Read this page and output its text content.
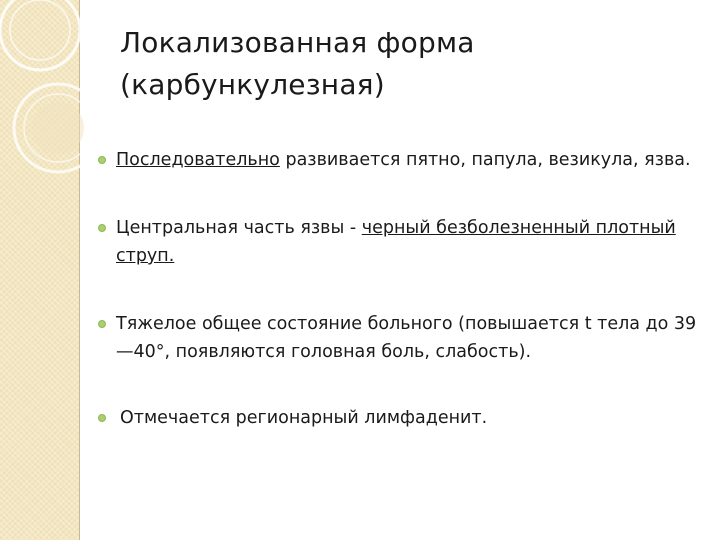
Локализованная форма
(карбункулезная)
Последовательно развивается пятно, папула, везикула, язва.
Центральная часть язвы - черный безболезненный плотный струп.
Тяжелое общее состояние больного (повышается t тела до 39—40°, появляются головная боль, слабость).
Отмечается регионарный лимфаденит.
